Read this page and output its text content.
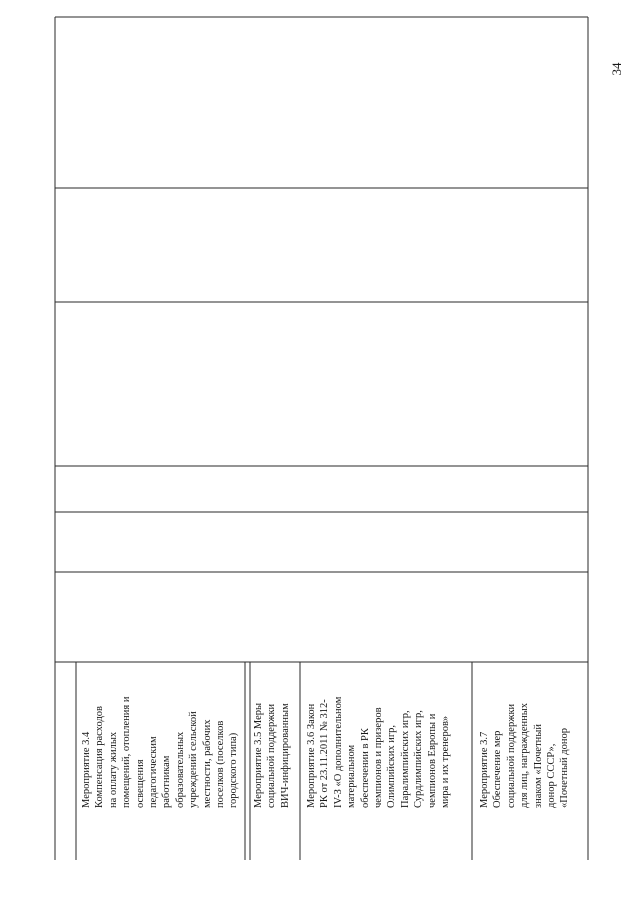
34
Мероприятие 3.4
Компенсация расходов
на оплату жилых
помещений, отопления и
освещения
педагогическим
работникам
образовательных
учреждений сельской
местности, рабочих
поселков (поселков
городского типа)
Мероприятие 3.5 Меры
социальной поддержки
ВИЧ-инфицированным Мероприятие 3.6 Закон
РК от 23.11.2011 № 312-
IV-З «О дополнительном
материальном
обеспечении в РК
чемпионов и призеров
Олимпийских игр,
Паралимпийских игр,
Сурдлимпийских игр,
чемпионов Европы и
мира и их тренеров»
Мероприятие 3.7
Обеспечение мер
социальной поддержки
для лиц, награжденных
знаком «Почетный
донор СССР»,
«Почетный донор
